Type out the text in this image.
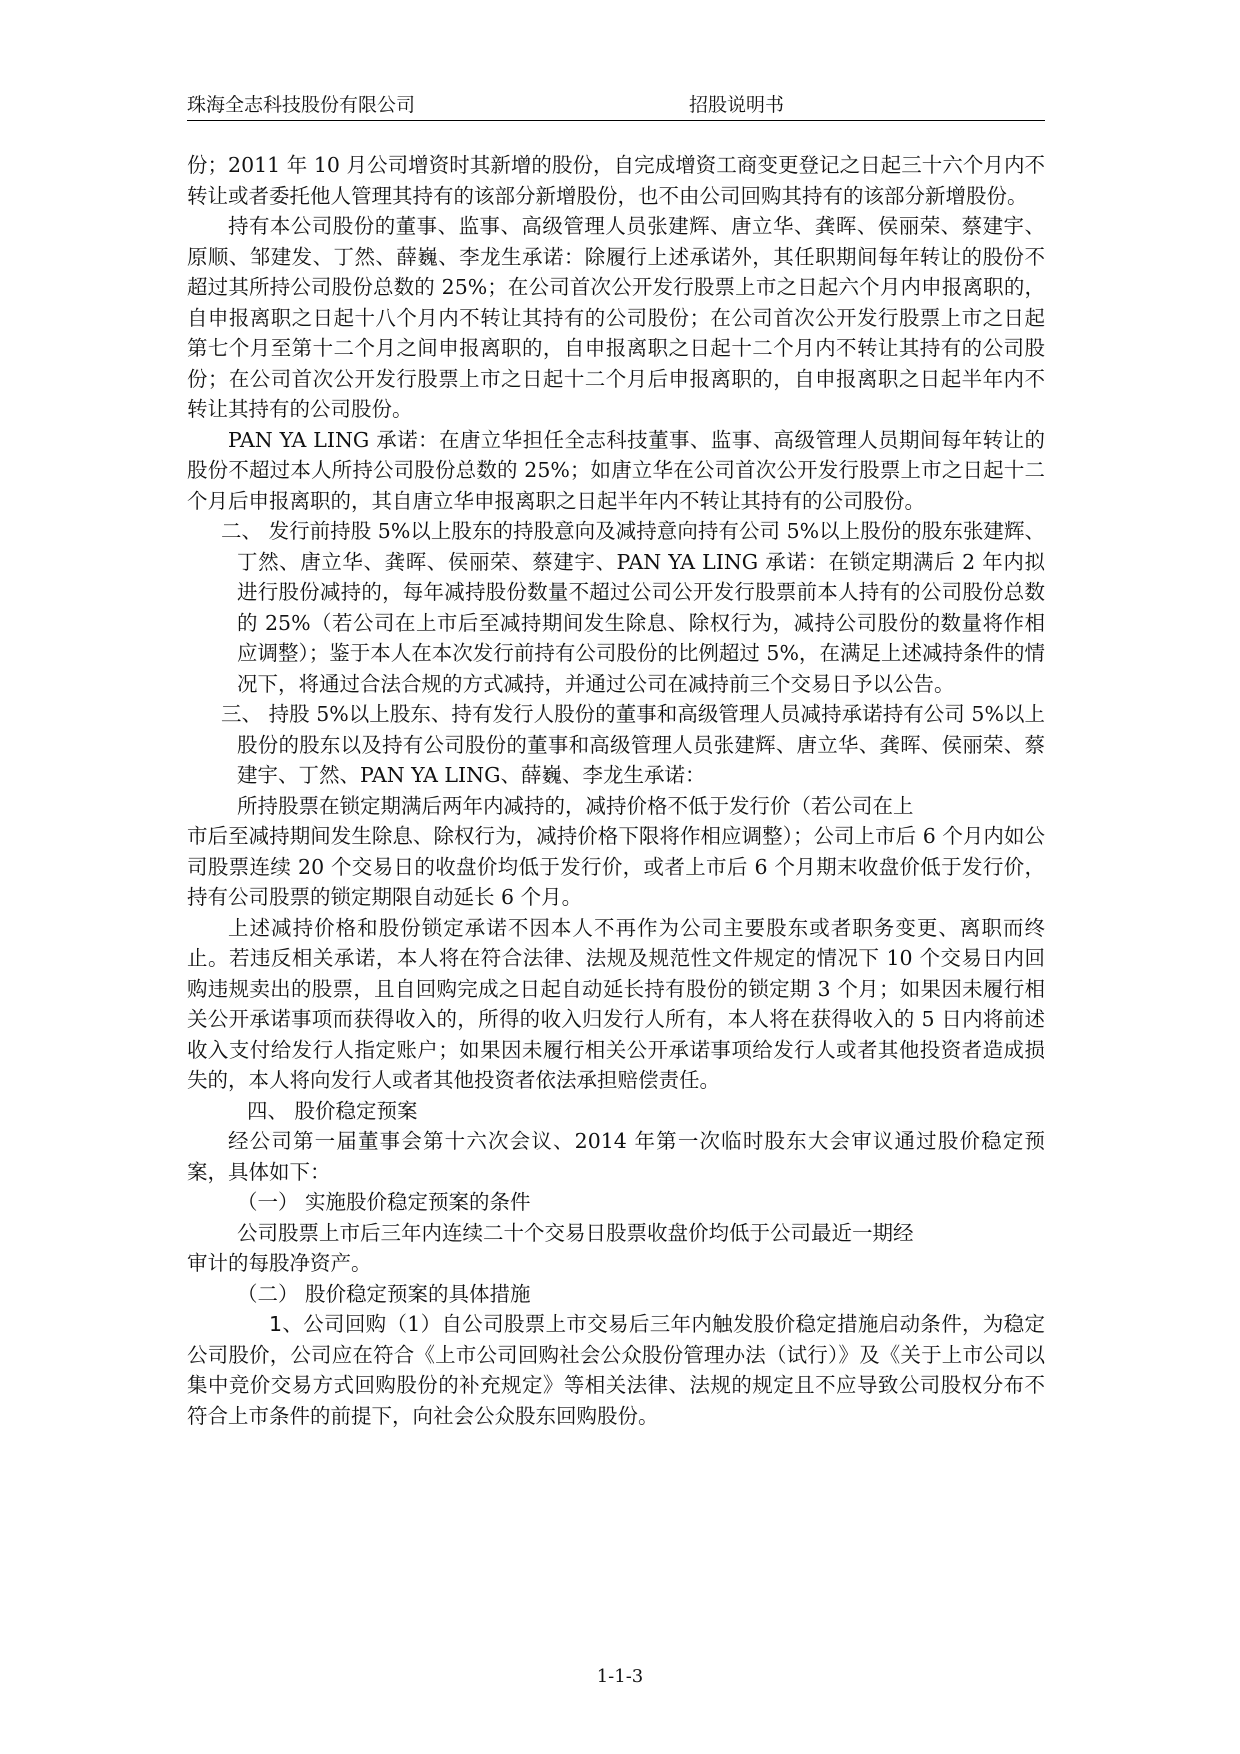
珠海全志科技股份有限公司	招股说明书

份；2011 年 10 月公司增资时其新增的股份，自完成增资工商变更登记之日起三十六个月内不转让或者委托他人管理其持有的该部分新增股份，也不由公司回购其持有的该部分新增股份。

持有本公司股份的董事、监事、高级管理人员张建辉、唐立华、龚晖、侯丽荣、蔡建宇、原顺、邹建发、丁然、薛巍、李龙生承诺：除履行上述承诺外，其任职期间每年转让的股份不超过其所持公司股份总数的 25%；在公司首次公开发行股票上市之日起六个月内申报离职的，自申报离职之日起十八个月内不转让其持有的公司股份；在公司首次公开发行股票上市之日起第七个月至第十二个月之间申报离职的，自申报离职之日起十二个月内不转让其持有的公司股份；在公司首次公开发行股票上市之日起十二个月后申报离职的，自申报离职之日起半年内不转让其持有的公司股份。

PAN YA LING 承诺：在唐立华担任全志科技董事、监事、高级管理人员期间每年转让的股份不超过本人所持公司股份总数的 25%；如唐立华在公司首次公开发行股票上市之日起十二个月后申报离职的，其自唐立华申报离职之日起半年内不转让其持有的公司股份。

二、 发行前持股 5%以上股东的持股意向及减持意向持有公司 5%以上股份的股东张建辉、丁然、唐立华、龚晖、侯丽荣、蔡建宇、PAN YA LING 承诺：在锁定期满后 2 年内拟进行股份减持的，每年减持股份数量不超过公司公开发行股票前本人持有的公司股份总数的 25%（若公司在上市后至减持期间发生除息、除权行为，减持公司股份的数量将作相应调整）；鉴于本人在本次发行前持有公司股份的比例超过 5%，在满足上述减持条件的情况下，将通过合法合规的方式减持，并通过公司在减持前三个交易日予以公告。

三、 持股 5%以上股东、持有发行人股份的董事和高级管理人员减持承诺持有公司 5%以上股份的股东以及持有公司股份的董事和高级管理人员张建辉、唐立华、龚晖、侯丽荣、蔡建宇、丁然、PAN YA LING、薛巍、李龙生承诺：

所持股票在锁定期满后两年内减持的，减持价格不低于发行价（若公司在上

市后至减持期间发生除息、除权行为，减持价格下限将作相应调整）；公司上市后 6 个月内如公司股票连续 20 个交易日的收盘价均低于发行价，或者上市后 6 个月期末收盘价低于发行价，持有公司股票的锁定期限自动延长 6 个月。

上述减持价格和股份锁定承诺不因本人不再作为公司主要股东或者职务变更、离职而终止。若违反相关承诺，本人将在符合法律、法规及规范性文件规定的情况下 10 个交易日内回购违规卖出的股票，且自回购完成之日起自动延长持有股份的锁定期 3 个月；如果因未履行相关公开承诺事项而获得收入的，所得的收入归发行人所有，本人将在获得收入的 5 日内将前述收入支付给发行人指定账户；如果因未履行相关公开承诺事项给发行人或者其他投资者造成损失的，本人将向发行人或者其他投资者依法承担赔偿责任。

四、 股价稳定预案

经公司第一届董事会第十六次会议、2014 年第一次临时股东大会审议通过股价稳定预案，具体如下：

（一） 实施股价稳定预案的条件

公司股票上市后三年内连续二十个交易日股票收盘价均低于公司最近一期经

审计的每股净资产。

（二） 股价稳定预案的具体措施

1、公司回购（1）自公司股票上市交易后三年内触发股价稳定措施启动条件，为稳定公司股价，公司应在符合《上市公司回购社会公众股份管理办法（试行）》及《关于上市公司以集中竞价交易方式回购股份的补充规定》等相关法律、法规的规定且不应导致公司股权分布不符合上市条件的前提下，向社会公众股东回购股份。

1-1-3
